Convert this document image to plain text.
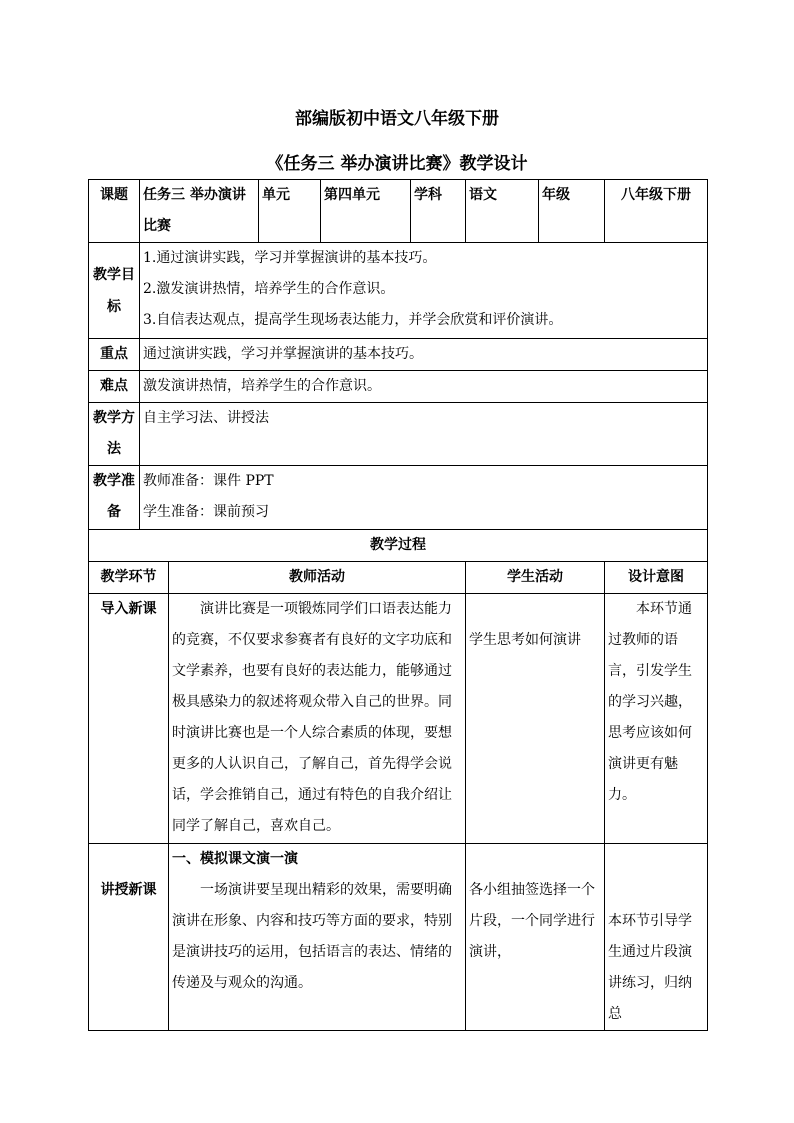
部编版初中语文八年级下册
《任务三 举办演讲比赛》教学设计
课题	任务三 举办演讲比赛		单元	第四单元	学科	语文	年级	八年级下册
教学目标	1.通过演讲实践，学习并掌握演讲的基本技巧。
2.激发演讲热情，培养学生的合作意识。
3.自信表达观点，提高学生现场表达能力，并学会欣赏和评价演讲。							

重点	通过演讲实践，学习并掌握演讲的基本技巧。							
难点	激发演讲热情，培养学生的合作意识。							
教学方法	自主学习法、讲授法							
教学准备	教师准备：课件 PPT
学生准备：课前预习							

教学过程								
教学环节		教师活动				学生活动		设计意图
导入新课		演讲比赛是一项锻炼同学们口语表达能力的竞赛，不仅要求参赛者有良好的文字功底和文学素养，也要有良好的表达能力，能够通过极具感染力的叙述将观众带入自己的世界。同时演讲比赛也是一个人综合素质的体现，要想更多的人认识自己，了解自己，首先得学会说话，学会推销自己，通过有特色的自我介绍让同学了解自己，喜欢自己。				学生思考如何演讲		本环节通过教师的语言，引发学生的学习兴趣，思考应该如何演讲更有魅力。

讲授新课		一、模拟课文演一演

一场演讲要呈现出精彩的效果，需要明确演讲在形象、内容和技巧等方面的要求，特别是演讲技巧的运用，包括语言的表达、情绪的传递及与观众的沟通。				各小组抽签选择一个片段，一个同学进行演讲，		本环节引导学生通过片段演讲练习，归纳总
